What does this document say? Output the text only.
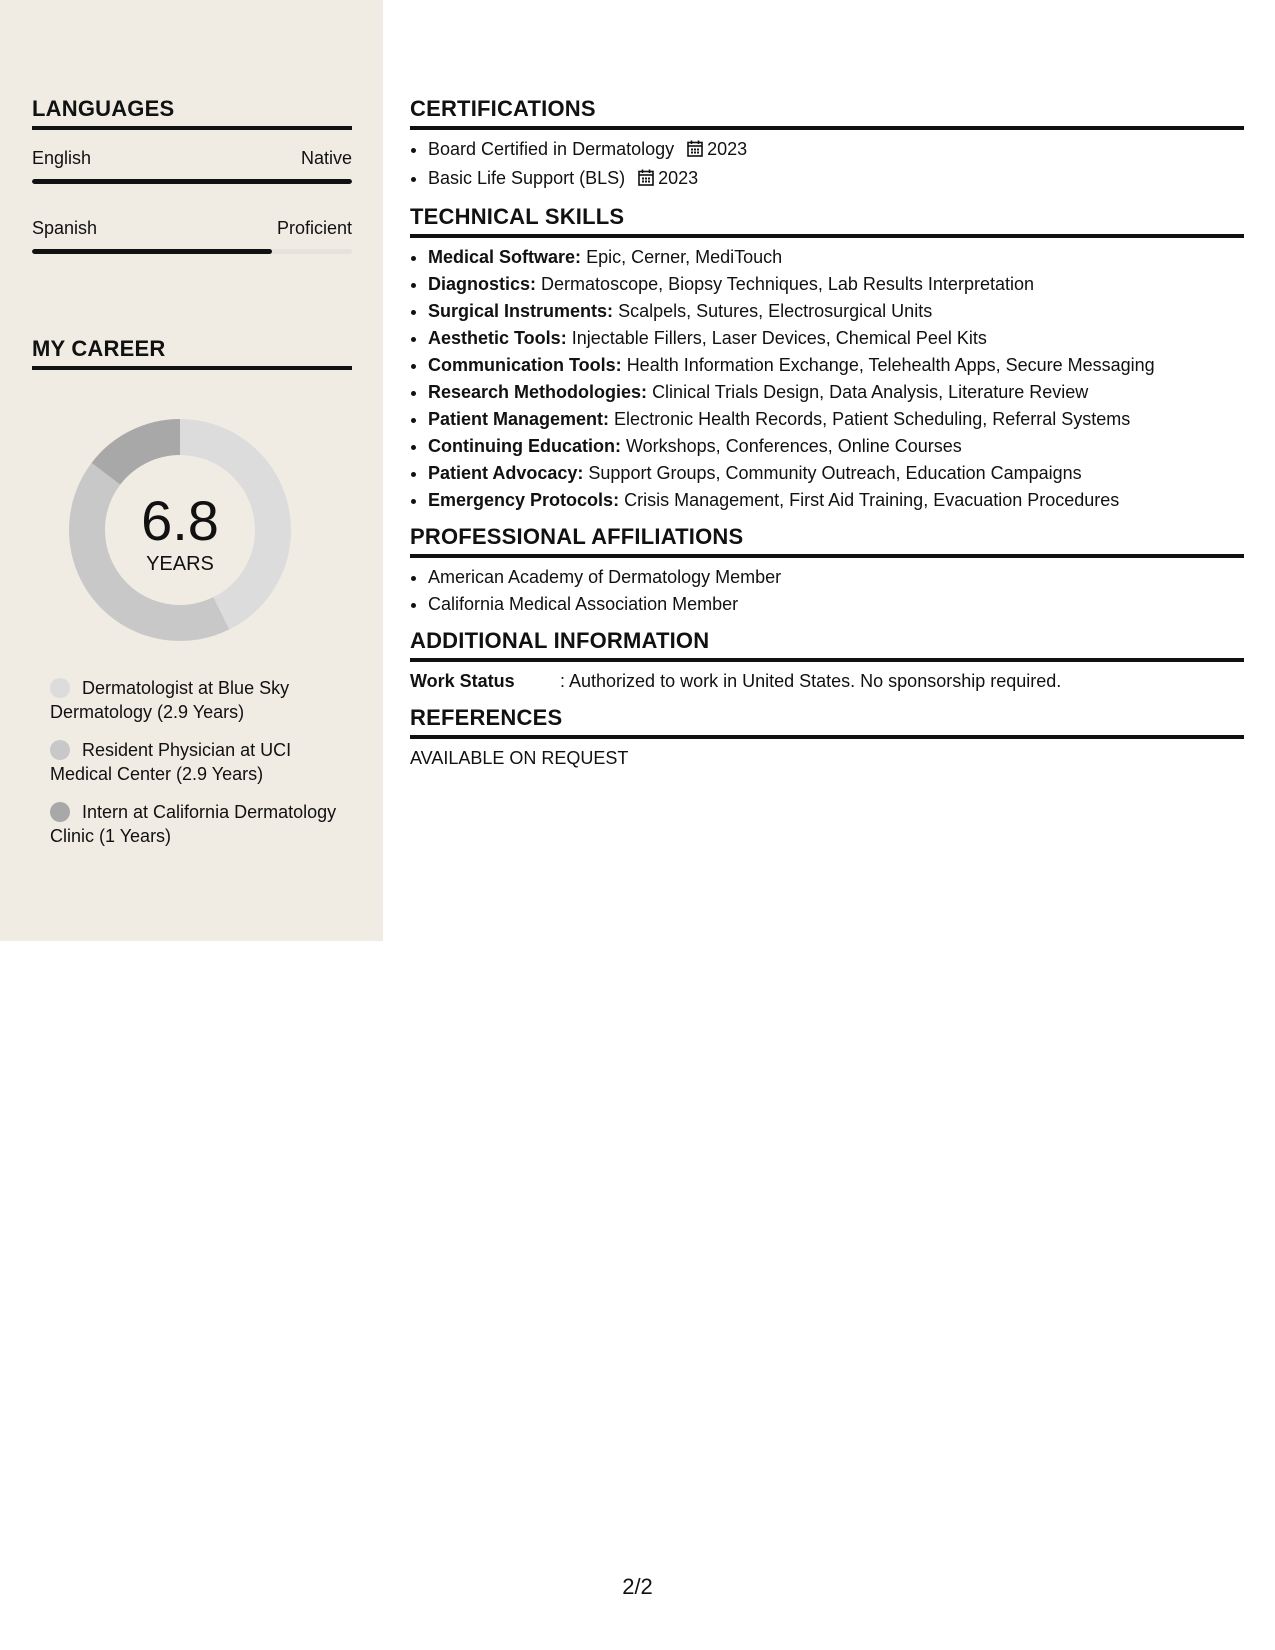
LANGUAGES
English	Native
Spanish	Proficient
MY CAREER
6.8
YEARS
Dermatologist at Blue Sky Dermatology (2.9 Years)
Resident Physician at UCI Medical Center (2.9 Years)
Intern at California Dermatology Clinic (1 Years)
CERTIFICATIONS
• Board Certified in Dermatology 2023
• Basic Life Support (BLS) 2023
TECHNICAL SKILLS
• Medical Software: Epic, Cerner, MediTouch
• Diagnostics: Dermatoscope, Biopsy Techniques, Lab Results Interpretation
• Surgical Instruments: Scalpels, Sutures, Electrosurgical Units
• Aesthetic Tools: Injectable Fillers, Laser Devices, Chemical Peel Kits
• Communication Tools: Health Information Exchange, Telehealth Apps, Secure Messaging
• Research Methodologies: Clinical Trials Design, Data Analysis, Literature Review
• Patient Management: Electronic Health Records, Patient Scheduling, Referral Systems
• Continuing Education: Workshops, Conferences, Online Courses
• Patient Advocacy: Support Groups, Community Outreach, Education Campaigns
• Emergency Protocols: Crisis Management, First Aid Training, Evacuation Procedures
PROFESSIONAL AFFILIATIONS
• American Academy of Dermatology Member
• California Medical Association Member
ADDITIONAL INFORMATION
Work Status	: Authorized to work in United States. No sponsorship required.
REFERENCES
AVAILABLE ON REQUEST
2/2
